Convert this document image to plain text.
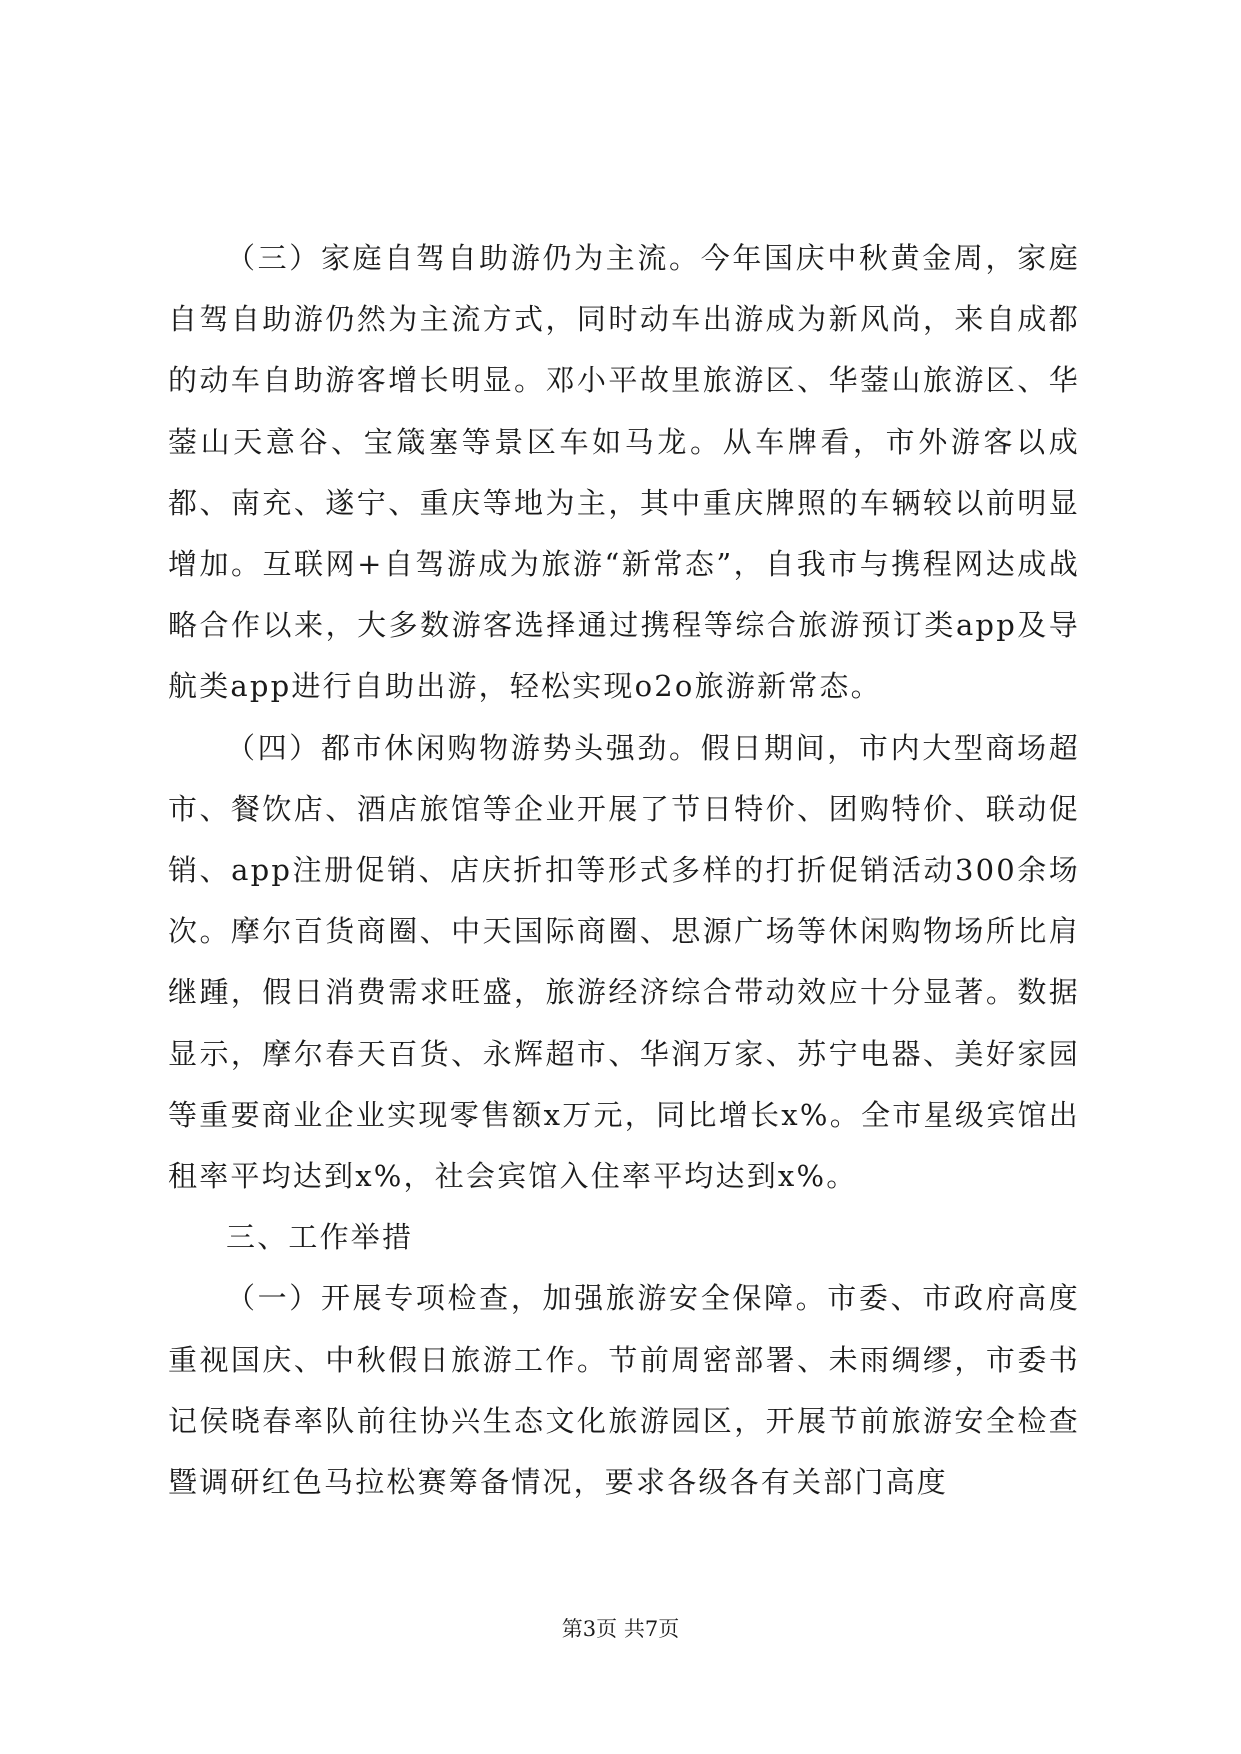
（三）家庭自驾自助游仍为主流。今年国庆中秋黄金周，家庭自驾自助游仍然为主流方式，同时动车出游成为新风尚，来自成都的动车自助游客增长明显。邓小平故里旅游区、华蓥山旅游区、华蓥山天意谷、宝箴塞等景区车如马龙。从车牌看，市外游客以成都、南充、遂宁、重庆等地为主，其中重庆牌照的车辆较以前明显增加。互联网+自驾游成为旅游“新常态”，自我市与携程网达成战略合作以来，大多数游客选择通过携程等综合旅游预订类app及导航类app进行自助出游，轻松实现o2o旅游新常态。

（四）都市休闲购物游势头强劲。假日期间，市内大型商场超市、餐饮店、酒店旅馆等企业开展了节日特价、团购特价、联动促销、app注册促销、店庆折扣等形式多样的打折促销活动300余场次。摩尔百货商圈、中天国际商圈、思源广场等休闲购物场所比肩继踵，假日消费需求旺盛，旅游经济综合带动效应十分显著。数据显示，摩尔春天百货、永辉超市、华润万家、苏宁电器、美好家园等重要商业企业实现零售额x万元，同比增长x%。全市星级宾馆出租率平均达到x%，社会宾馆入住率平均达到x%。

三、工作举措

（一）开展专项检查，加强旅游安全保障。市委、市政府高度重视国庆、中秋假日旅游工作。节前周密部署、未雨绸缪，市委书记侯晓春率队前往协兴生态文化旅游园区，开展节前旅游安全检查暨调研红色马拉松赛筹备情况，要求各级各有关部门高度

第3页 共7页
